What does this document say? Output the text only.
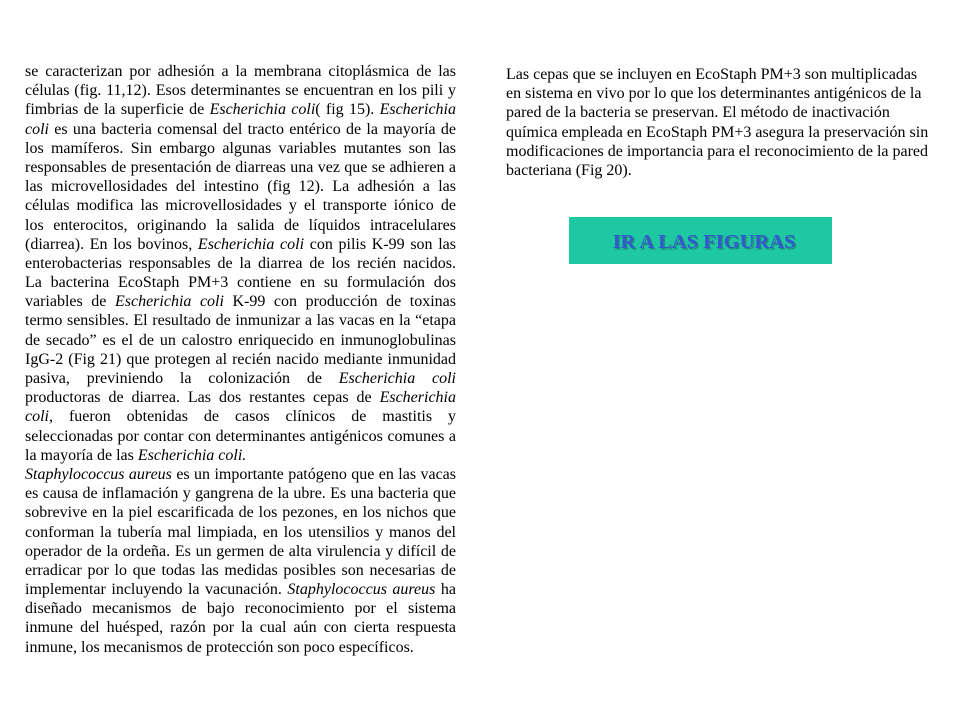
se caracterizan por adhesión a la membrana citoplásmica de las
células (fig. 11,12). Esos determinantes se encuentran en los pili y
fimbrias de la superficie de Escherichia coli( fig 15). Escherichia
coli es una bacteria comensal del tracto entérico de la mayoría de
los mamíferos. Sin embargo algunas variables mutantes son las
responsables de presentación de diarreas una vez que se adhieren a
las microvellosidades del intestino (fig 12). La adhesión a las
células modifica las microvellosidades y el transporte iónico de
los enterocitos, originando la salida de líquidos intracelulares
(diarrea). En los bovinos, Escherichia coli con pilis K-99 son las
enterobacterias responsables de la diarrea de los recién nacidos.
La bacterina EcoStaph PM+3 contiene en su formulación dos
variables de Escherichia coli K-99 con producción de toxinas
termo sensibles. El resultado de inmunizar a las vacas en la “etapa
de secado” es el de un calostro enriquecido en inmunoglobulinas
IgG-2 (Fig 21) que protegen al recién nacido mediante inmunidad
pasiva, previniendo la colonización de Escherichia coli
productoras de diarrea. Las dos restantes cepas de Escherichia
coli, fueron obtenidas de casos clínicos de mastitis y
seleccionadas por contar con determinantes antigénicos comunes a
la mayoría de las Escherichia coli.
Staphylococcus aureus es un importante patógeno que en las vacas
es causa de inflamación y gangrena de la ubre. Es una bacteria que
sobrevive en la piel escarificada de los pezones, en los nichos que
conforman la tubería mal limpiada, en los utensilios y manos del
operador de la ordeña. Es un germen de alta virulencia y difícil de
erradicar por lo que todas las medidas posibles son necesarias de
implementar incluyendo la vacunación. Staphylococcus aureus ha
diseñado mecanismos de bajo reconocimiento por el sistema
inmune del huésped, razón por la cual aún con cierta respuesta
inmune, los mecanismos de protección son poco específicos.
Las cepas que se incluyen en EcoStaph PM+3 son multiplicadas
en sistema en vivo por lo que los determinantes antigénicos de la
pared de la bacteria se preservan. El método de inactivación
química empleada en EcoStaph PM+3 asegura la preservación sin
modificaciones de importancia para el reconocimiento de la pared
bacteriana (Fig 20).
IR A LAS FIGURAS
